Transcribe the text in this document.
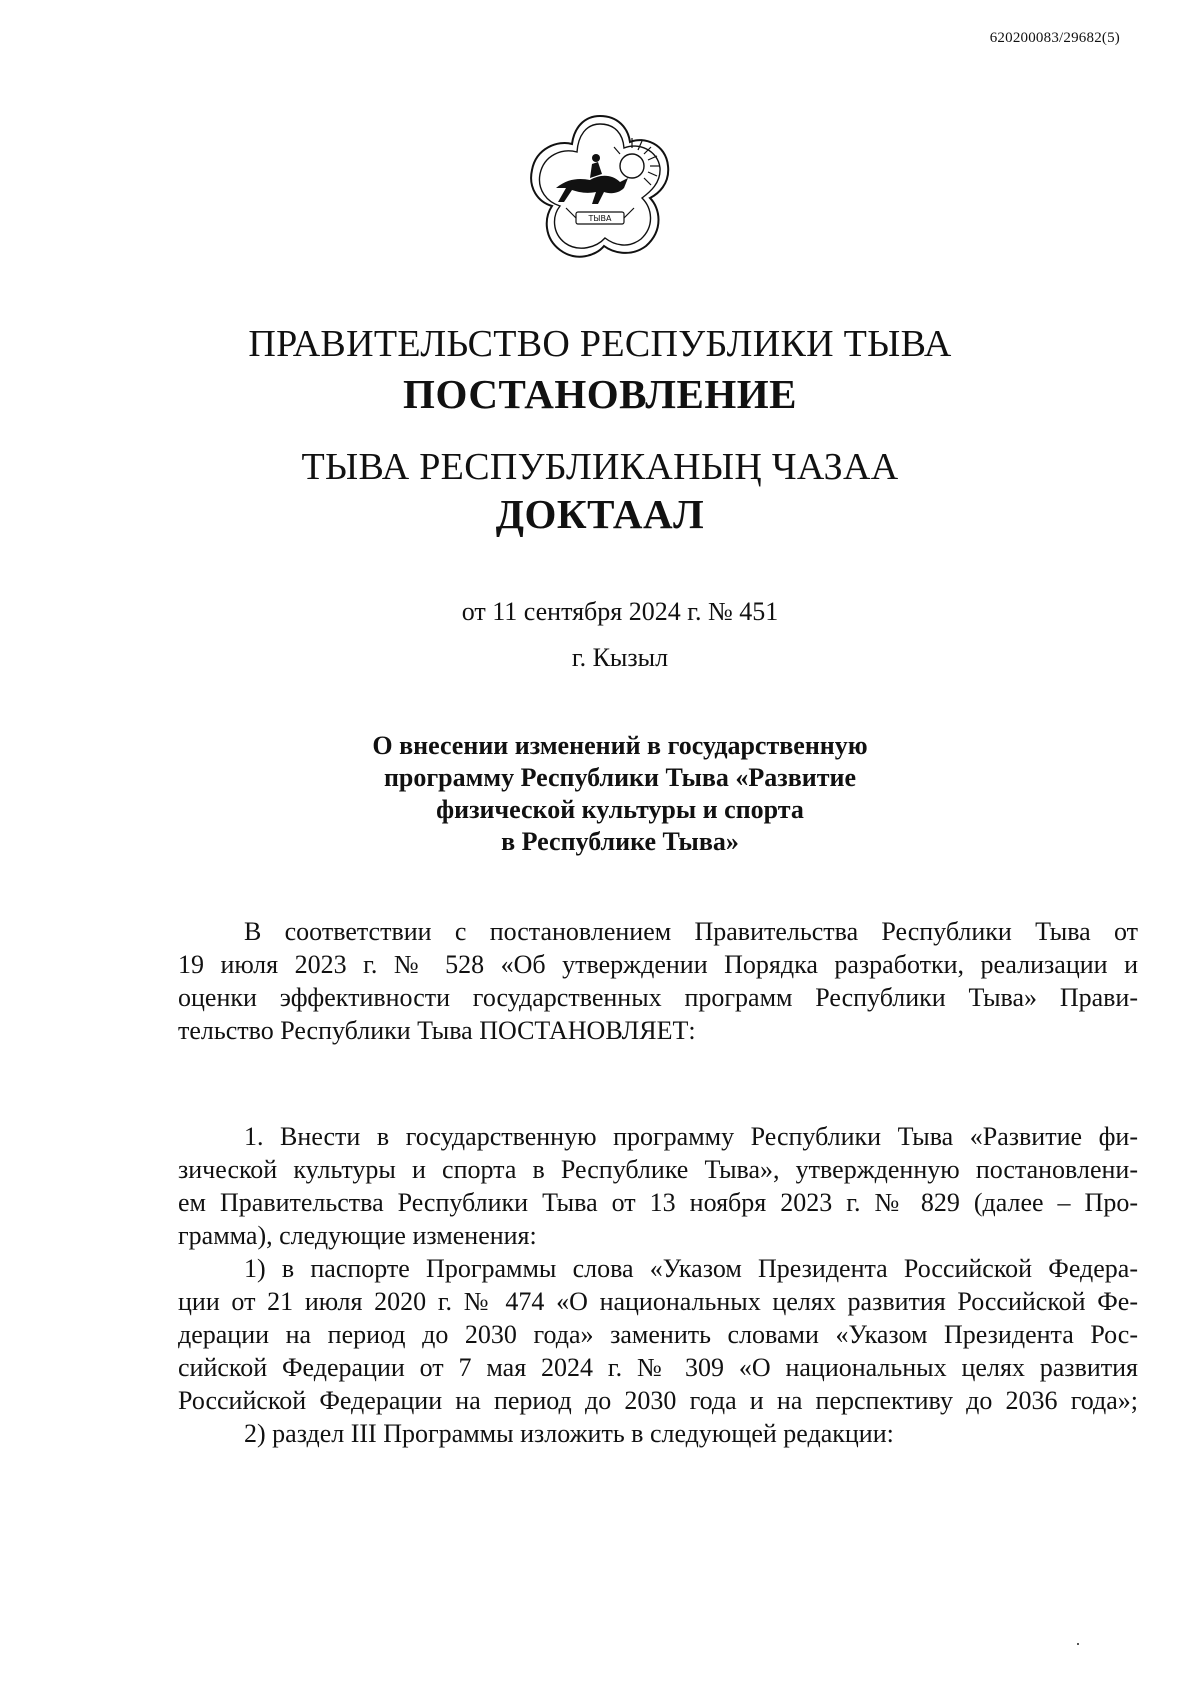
620200083/29682(5)
ТЫВА
ПРАВИТЕЛЬСТВО РЕСПУБЛИКИ ТЫВА
ПОСТАНОВЛЕНИЕ
ТЫВА РЕСПУБЛИКАНЫҢ ЧАЗАА
ДОКТААЛ
от 11 сентября 2024 г. № 451
г. Кызыл
О внесении изменений в государственную
программу Республики Тыва «Развитие
физической культуры и спорта
в Республике Тыва»
В соответствии с постановлением Правительства Республики Тыва от
19 июля 2023 г. № 528 «Об утверждении Порядка разработки, реализации и
оценки эффективности государственных программ Республики Тыва» Прави-
тельство Республики Тыва ПОСТАНОВЛЯЕТ:
1. Внести в государственную программу Республики Тыва «Развитие фи-
зической культуры и спорта в Республике Тыва», утвержденную постановлени-
ем Правительства Республики Тыва от 13 ноября 2023 г. № 829 (далее – Про-
грамма), следующие изменения:
1) в паспорте Программы слова «Указом Президента Российской Федера-
ции от 21 июля 2020 г. № 474 «О национальных целях развития Российской Фе-
дерации на период до 2030 года» заменить словами «Указом Президента Рос-
сийской Федерации от 7 мая 2024 г. № 309 «О национальных целях развития
Российской Федерации на период до 2030 года и на перспективу до 2036 года»;
2) раздел III Программы изложить в следующей редакции:
